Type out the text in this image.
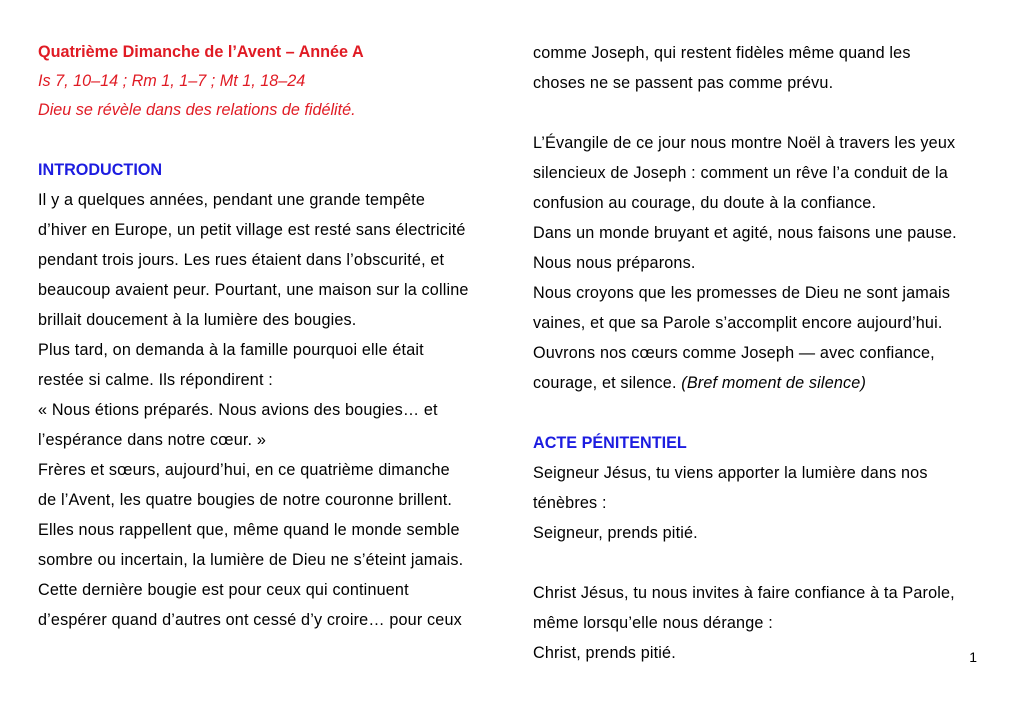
Quatrième Dimanche de l’Avent – Année A
Is 7, 10–14 ; Rm 1, 1–7 ; Mt 1, 18–24
Dieu se révèle dans des relations de fidélité.
INTRODUCTION
Il y a quelques années, pendant une grande tempête
d’hiver en Europe, un petit village est resté sans électricité
pendant trois jours. Les rues étaient dans l’obscurité, et
beaucoup avaient peur. Pourtant, une maison sur la colline
brillait doucement à la lumière des bougies.
Plus tard, on demanda à la famille pourquoi elle était
restée si calme. Ils répondirent :
« Nous étions préparés. Nous avions des bougies… et
l’espérance dans notre cœur. »
Frères et sœurs, aujourd’hui, en ce quatrième dimanche
de l’Avent, les quatre bougies de notre couronne brillent.
Elles nous rappellent que, même quand le monde semble
sombre ou incertain, la lumière de Dieu ne s’éteint jamais.
Cette dernière bougie est pour ceux qui continuent
d’espérer quand d’autres ont cessé d’y croire… pour ceux
comme Joseph, qui restent fidèles même quand les
choses ne se passent pas comme prévu.
L’Évangile de ce jour nous montre Noël à travers les yeux
silencieux de Joseph : comment un rêve l’a conduit de la
confusion au courage, du doute à la confiance.
Dans un monde bruyant et agité, nous faisons une pause.
Nous nous préparons.
Nous croyons que les promesses de Dieu ne sont jamais
vaines, et que sa Parole s’accomplit encore aujourd’hui.
Ouvrons nos cœurs comme Joseph — avec confiance,
courage, et silence. (Bref moment de silence)
ACTE PÉNITENTIEL
Seigneur Jésus, tu viens apporter la lumière dans nos
ténèbres :
Seigneur, prends pitié.
Christ Jésus, tu nous invites à faire confiance à ta Parole,
même lorsqu’elle nous dérange :
Christ, prends pitié.	1
